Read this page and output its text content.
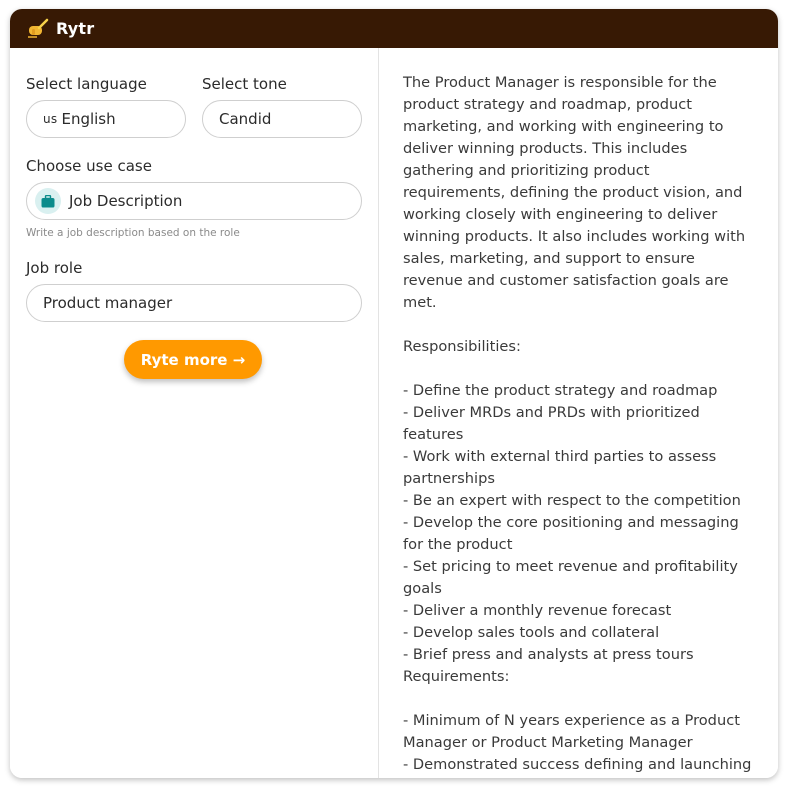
Rytr
Select language	Select tone
us English	Candid
Choose use case
Job Description
Write a job description based on the role
Job role
Product manager
Ryte more →
The Product Manager is responsible for the product strategy and roadmap, product marketing, and working with engineering to deliver winning products. This includes gathering and prioritizing product requirements, defining the product vision, and working closely with engineering to deliver winning products. It also includes working with sales, marketing, and support to ensure revenue and customer satisfaction goals are met.

Responsibilities:

- Define the product strategy and roadmap
- Deliver MRDs and PRDs with prioritized features
- Work with external third parties to assess partnerships
- Be an expert with respect to the competition
- Develop the core positioning and messaging for the product
- Set pricing to meet revenue and profitability goals
- Deliver a monthly revenue forecast
- Develop sales tools and collateral
- Brief press and analysts at press tours
Requirements:

- Minimum of N years experience as a Product Manager or Product Marketing Manager
- Demonstrated success defining and launching
